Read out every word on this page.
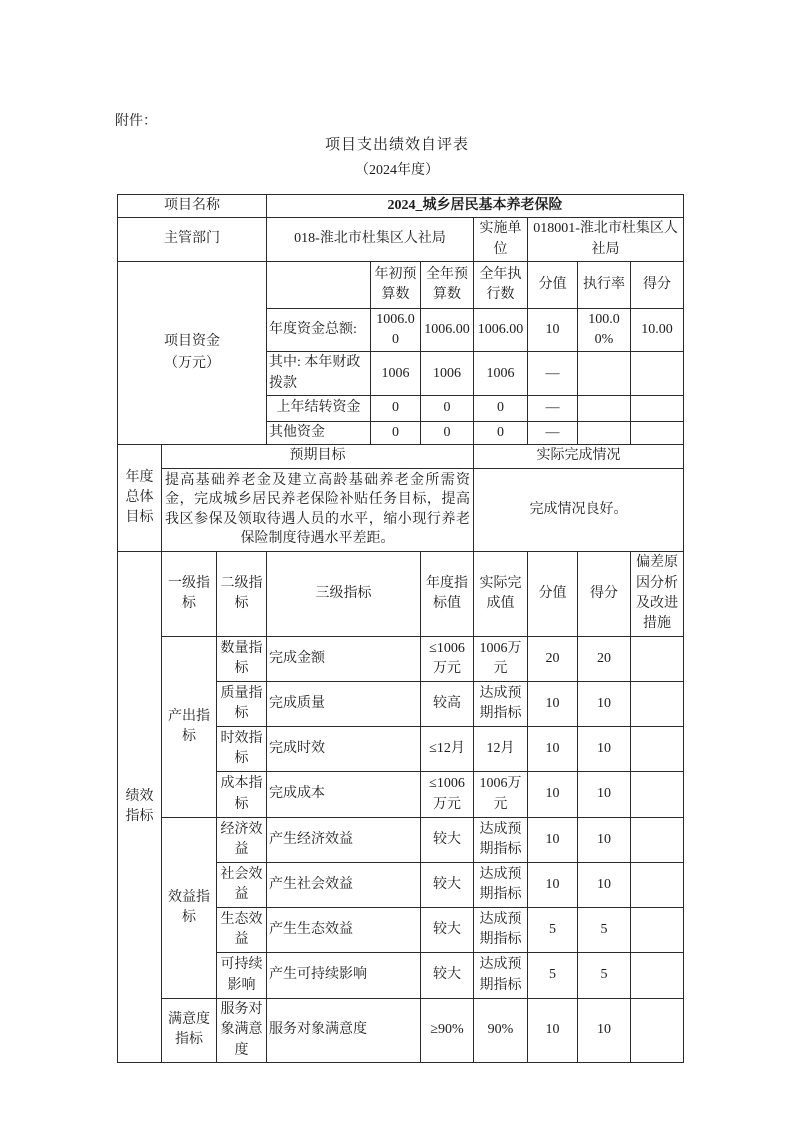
附件：
项目支出绩效自评表
（2024年度）
项目名称			2024_城乡居民基本养老保险						
主管部门			018-淮北市杜集区人社局			实施单位	018001-淮北市杜集区人社局		

项目资金
（万元）				年初预算数	全年预算数	全年执行数	分值	执行率	得分
			年度资金总额:	1006.00	1006.00	1006.00	10	100.00%	10.00
			其中: 本年财政拨款	1006	1006	1006	—		
			上年结转资金	0	0	0	—		
			其他资金	0	0	0	—		
年度总体目标	预期目标					实际完成情况			
	提高基础养老金及建立高龄基础养老金所需资金，完成城乡居民养老保险补贴任务目标，提高我区参保及领取待遇人员的水平，缩小现行养老保险制度待遇水平差距。					完成情况良好。			
绩效指标	一级指标	二级指标	三级指标		年度指标值	实际完成值	分值	得分	偏差原因分析及改进措施
	产出指标	数量指标	完成金额		≤1006万元	1006万元	20	20	
		质量指标	完成质量		较高	达成预期指标	10	10	
		时效指标	完成时效		≤12月	12月	10	10	
		成本指标	完成成本		≤1006万元	1006万元	10	10	
	效益指标	经济效益	产生经济效益		较大	达成预期指标	10	10	
		社会效益	产生社会效益		较大	达成预期指标	10	10	
		生态效益	产生生态效益		较大	达成预期指标	5	5	
		可持续影响	产生可持续影响		较大	达成预期指标	5	5	
	满意度指标	服务对象满意度	服务对象满意度		≥90%	90%	10	10	
